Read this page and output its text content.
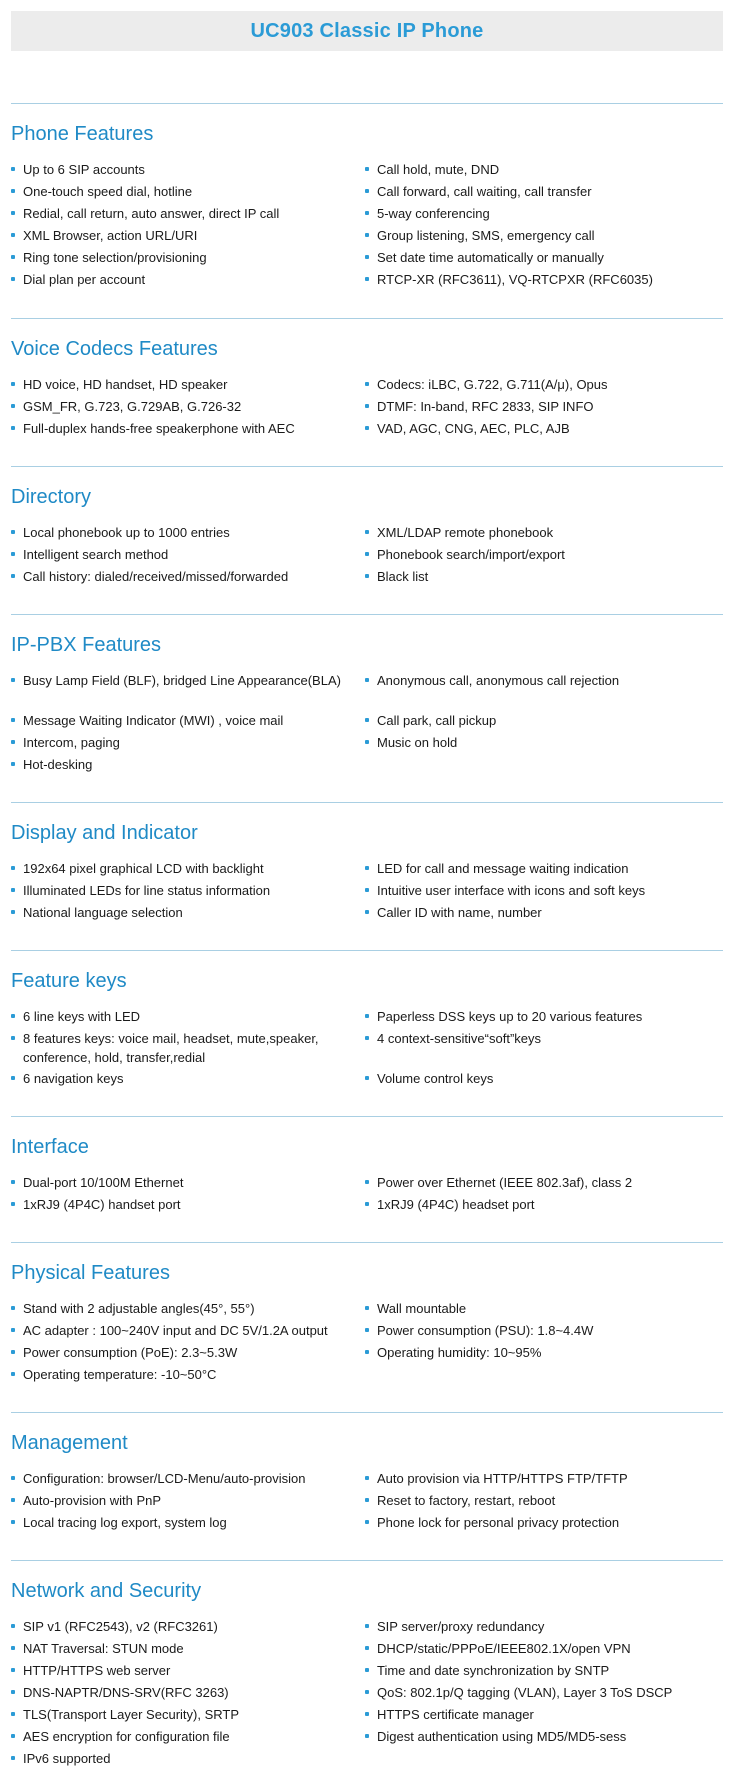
UC903 Classic IP Phone
Phone Features
Up to 6 SIP accounts
One-touch speed dial, hotline
Redial, call return, auto answer, direct IP call
XML Browser, action URL/URI
Ring tone selection/provisioning
Dial plan per account
Call hold, mute, DND
Call forward, call waiting, call transfer
5-way conferencing
Group listening, SMS, emergency call
Set date time automatically or manually
RTCP-XR (RFC3611), VQ-RTCPXR (RFC6035)
Voice Codecs Features
HD voice, HD handset, HD speaker
GSM_FR, G.723, G.729AB, G.726-32
Full-duplex hands-free speakerphone with AEC
Codecs: iLBC, G.722, G.711(A/μ), Opus
DTMF: In-band, RFC 2833, SIP INFO
VAD, AGC, CNG, AEC, PLC, AJB
Directory
Local phonebook up to 1000 entries
Intelligent search method
Call history: dialed/received/missed/forwarded
XML/LDAP remote phonebook
Phonebook search/import/export
Black list
IP-PBX Features
Busy Lamp Field (BLF), bridged Line Appearance(BLA)
Message Waiting Indicator (MWI) , voice mail
Intercom, paging
Hot-desking
Anonymous call, anonymous call rejection
Call park, call pickup
Music on hold
Display and Indicator
192x64 pixel graphical LCD with backlight
Illuminated LEDs for line status information
National language selection
LED for call and message waiting indication
Intuitive user interface with icons and soft keys
Caller ID with name, number
Feature keys
6 line keys with LED
8 features keys: voice mail, headset, mute,speaker, conference, hold, transfer,redial
6 navigation keys
Paperless DSS keys up to 20 various features
4 context-sensitive“soft”keys
Volume control keys
Interface
Dual-port 10/100M Ethernet
1xRJ9 (4P4C) handset port
Power over Ethernet (IEEE 802.3af), class 2
1xRJ9 (4P4C) headset port
Physical Features
Stand with 2 adjustable angles(45°, 55°)
AC adapter : 100~240V input and DC 5V/1.2A output
Power consumption (PoE): 2.3~5.3W
Operating temperature: -10~50°C
Wall mountable
Power consumption (PSU): 1.8~4.4W
Operating humidity: 10~95%
Management
Configuration: browser/LCD-Menu/auto-provision
Auto-provision with PnP
Local tracing log export, system log
Auto provision via HTTP/HTTPS FTP/TFTP
Reset to factory, restart, reboot
Phone lock for personal privacy protection
Network and Security
SIP v1 (RFC2543), v2 (RFC3261)
NAT Traversal: STUN mode
HTTP/HTTPS web server
DNS-NAPTR/DNS-SRV(RFC 3263)
TLS(Transport Layer Security), SRTP
AES encryption for configuration file
IPv6 supported
SIP server/proxy redundancy
DHCP/static/PPPoE/IEEE802.1X/open VPN
Time and date synchronization by SNTP
QoS: 802.1p/Q tagging (VLAN), Layer 3 ToS DSCP
HTTPS certificate manager
Digest authentication using MD5/MD5-sess
